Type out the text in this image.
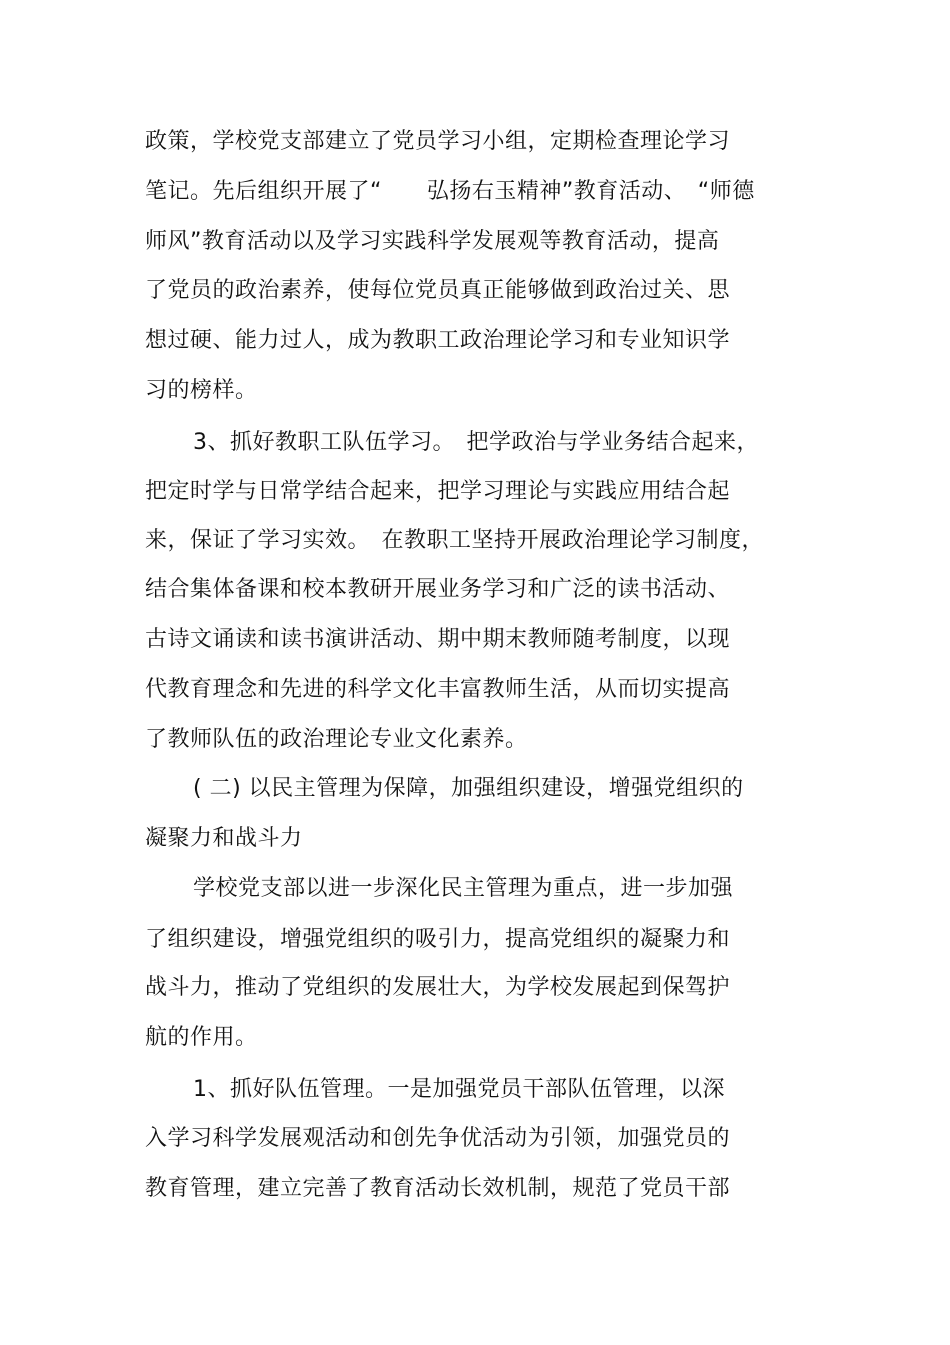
政策，学校党支部建立了党员学习小组，定期检查理论学习
笔记。先后组织开展了“　　弘扬右玉精神”教育活动、　“师德
师风”教育活动以及学习实践科学发展观等教育活动，提高
了党员的政治素养，使每位党员真正能够做到政治过关、思
想过硬、能力过人，成为教职工政治理论学习和专业知识学
习的榜样。
3、抓好教职工队伍学习。　把学政治与学业务结合起来，
把定时学与日常学结合起来，把学习理论与实践应用结合起
来，保证了学习实效。　在教职工坚持开展政治理论学习制度，
结合集体备课和校本教研开展业务学习和广泛的读书活动、
古诗文诵读和读书演讲活动、期中期末教师随考制度，以现
代教育理念和先进的科学文化丰富教师生活，从而切实提高
了教师队伍的政治理论专业文化素养。
( 二) 以民主管理为保障，加强组织建设，增强党组织的
凝聚力和战斗力
学校党支部以进一步深化民主管理为重点，进一步加强
了组织建设，增强党组织的吸引力，提高党组织的凝聚力和
战斗力，推动了党组织的发展壮大，为学校发展起到保驾护
航的作用。
1、抓好队伍管理。一是加强党员干部队伍管理，以深
入学习科学发展观活动和创先争优活动为引领，加强党员的
教育管理，建立完善了教育活动长效机制，规范了党员干部
